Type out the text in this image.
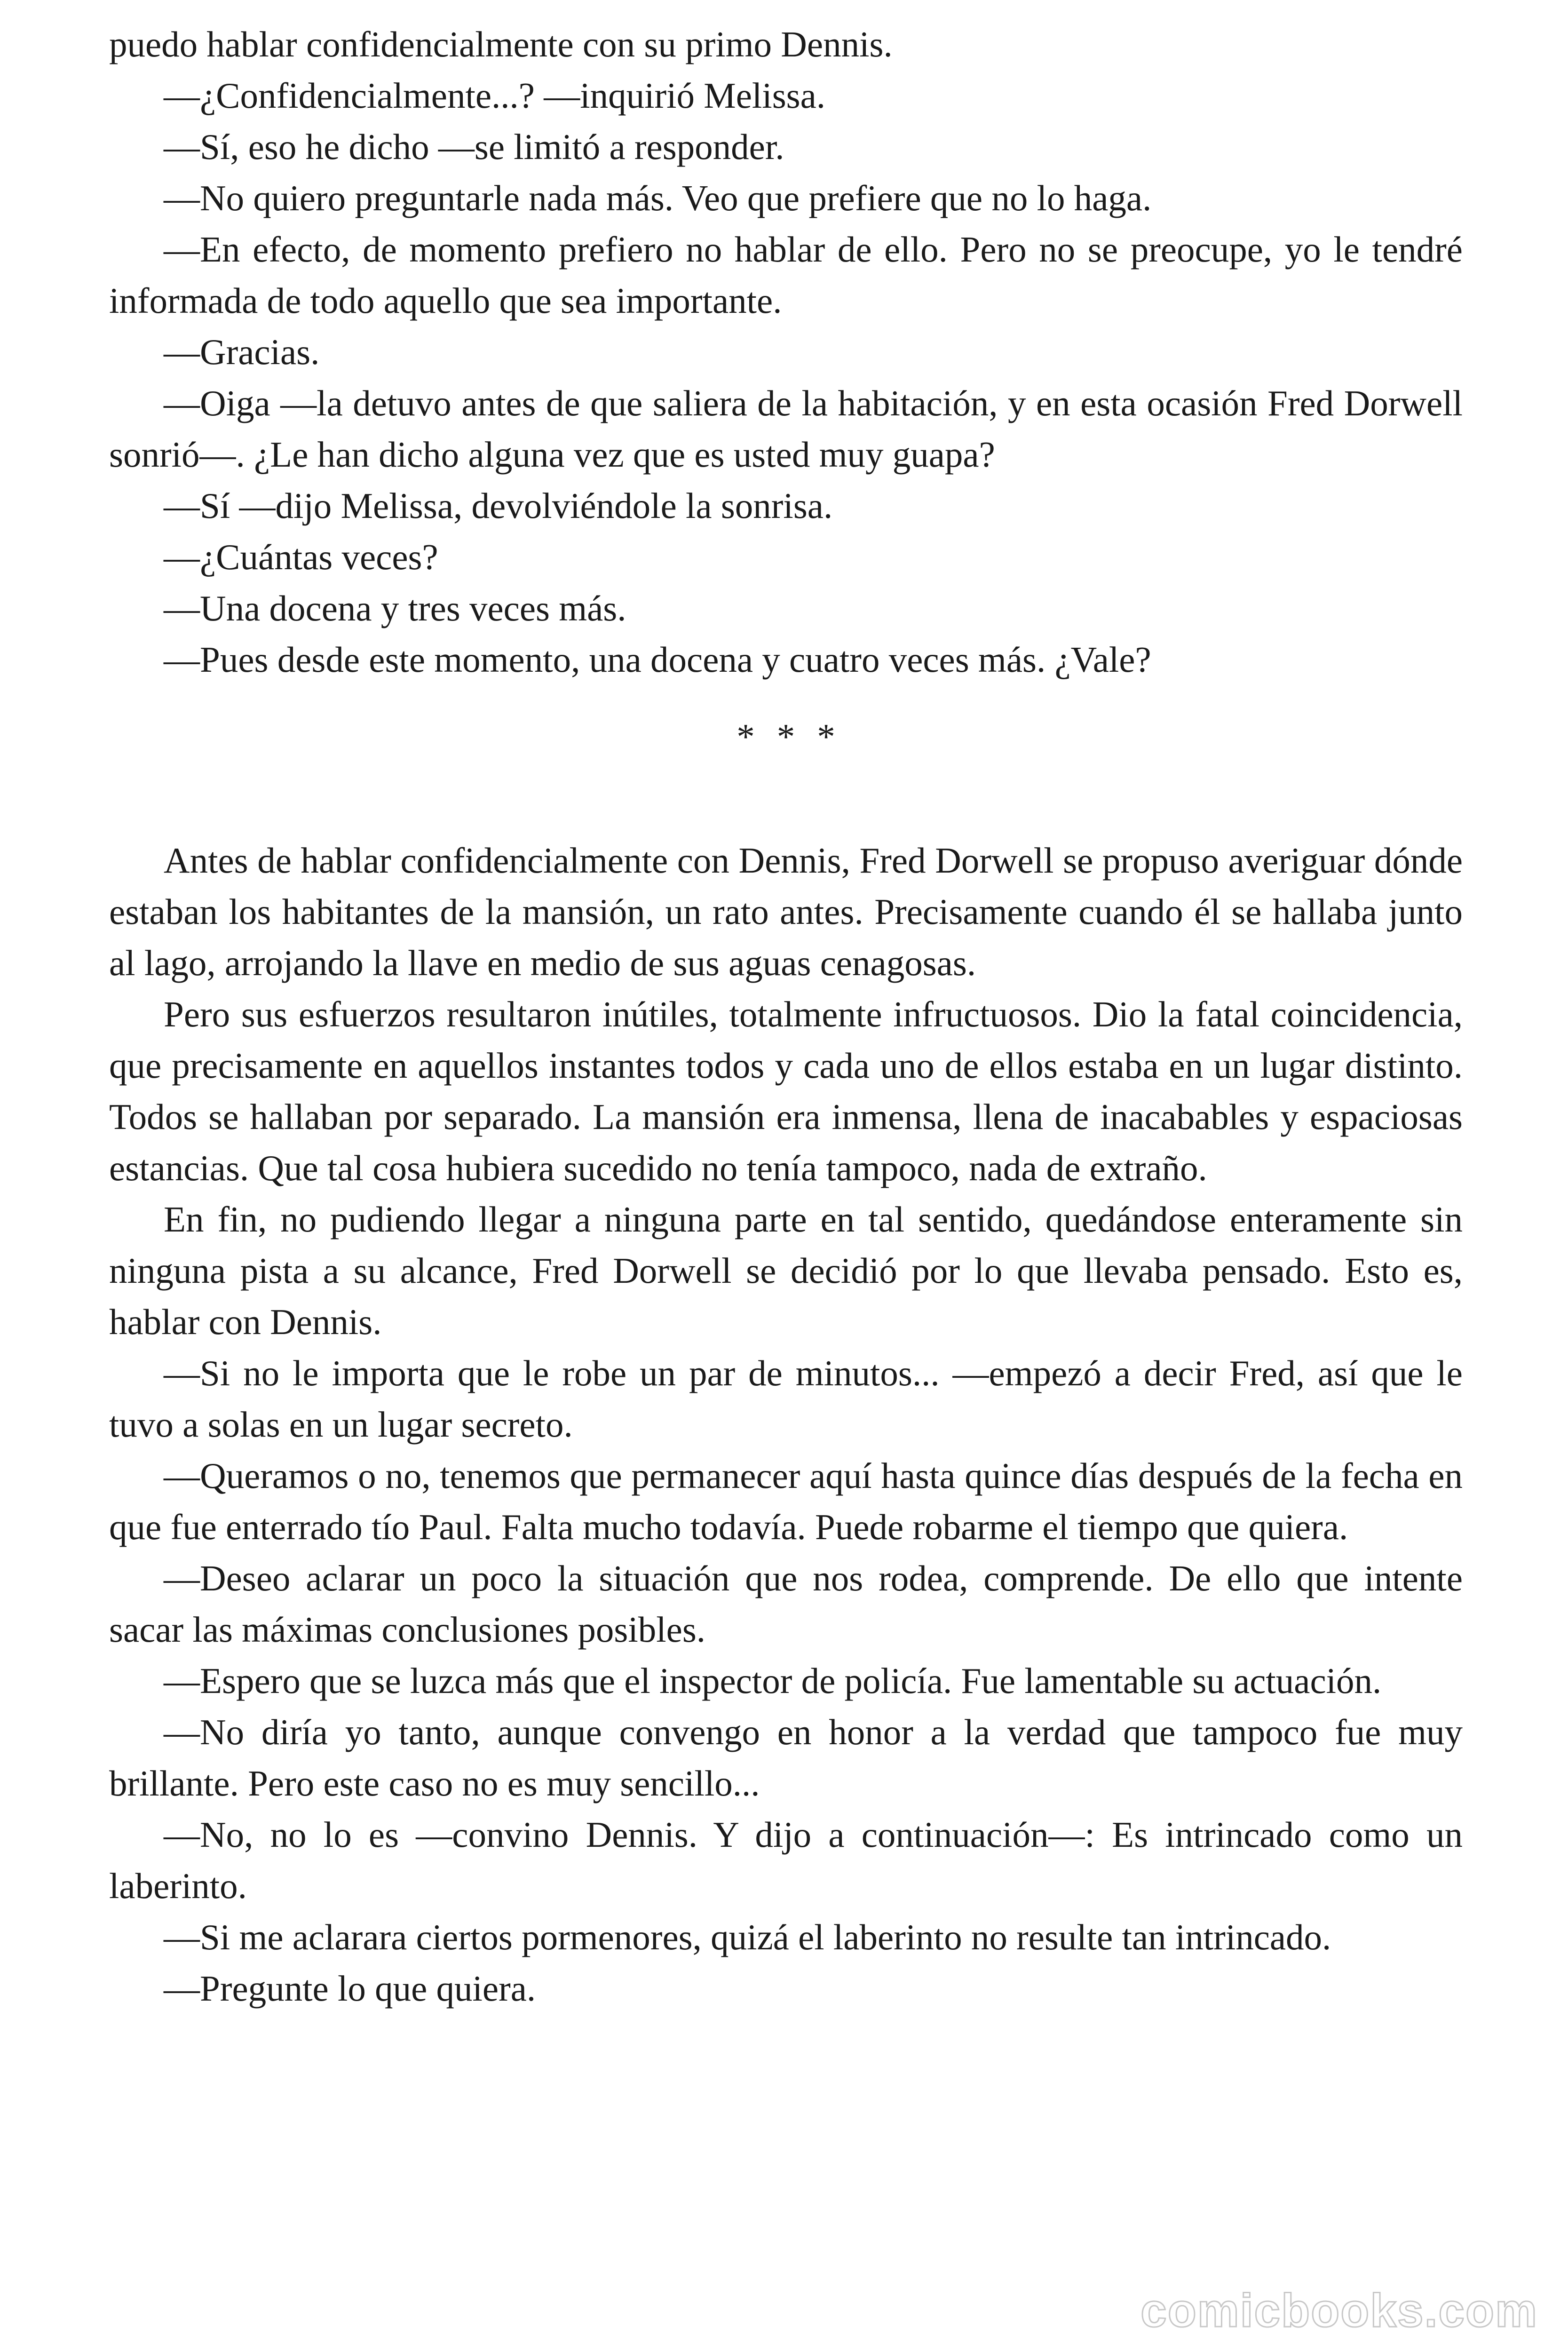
puedo hablar confidencialmente con su primo Dennis.

—¿Confidencialmente...? —inquirió Melissa.

—Sí, eso he dicho —se limitó a responder.

—No quiero preguntarle nada más. Veo que prefiere que no lo haga.

—En efecto, de momento prefiero no hablar de ello. Pero no se preocupe, yo le tendré informada de todo aquello que sea importante.

—Gracias.

—Oiga —la detuvo antes de que saliera de la habitación, y en esta ocasión Fred Dorwell sonrió—. ¿Le han dicho alguna vez que es usted muy guapa?

—Sí —dijo Melissa, devolviéndole la sonrisa.

—¿Cuántas veces?

—Una docena y tres veces más.

—Pues desde este momento, una docena y cuatro veces más. ¿Vale?

* * *

Antes de hablar confidencialmente con Dennis, Fred Dorwell se propuso averiguar dónde estaban los habitantes de la mansión, un rato antes. Precisamente cuando él se hallaba junto al lago, arrojando la llave en medio de sus aguas cenagosas.

Pero sus esfuerzos resultaron inútiles, totalmente infructuosos. Dio la fatal coincidencia, que precisamente en aquellos instantes todos y cada uno de ellos estaba en un lugar distinto. Todos se hallaban por separado. La mansión era inmensa, llena de inacabables y espaciosas estancias. Que tal cosa hubiera sucedido no tenía tampoco, nada de extraño.

En fin, no pudiendo llegar a ninguna parte en tal sentido, quedándose enteramente sin ninguna pista a su alcance, Fred Dorwell se decidió por lo que llevaba pensado. Esto es, hablar con Dennis.

—Si no le importa que le robe un par de minutos... —empezó a decir Fred, así que le tuvo a solas en un lugar secreto.

—Queramos o no, tenemos que permanecer aquí hasta quince días después de la fecha en que fue enterrado tío Paul. Falta mucho todavía. Puede robarme el tiempo que quiera.

—Deseo aclarar un poco la situación que nos rodea, comprende. De ello que intente sacar las máximas conclusiones posibles.

—Espero que se luzca más que el inspector de policía. Fue lamentable su actuación.

—No diría yo tanto, aunque convengo en honor a la verdad que tampoco fue muy brillante. Pero este caso no es muy sencillo...

—No, no lo es —convino Dennis. Y dijo a continuación—: Es intrincado como un laberinto.

—Si me aclarara ciertos pormenores, quizá el laberinto no resulte tan intrincado.

—Pregunte lo que quiera.

comicbooks.com
